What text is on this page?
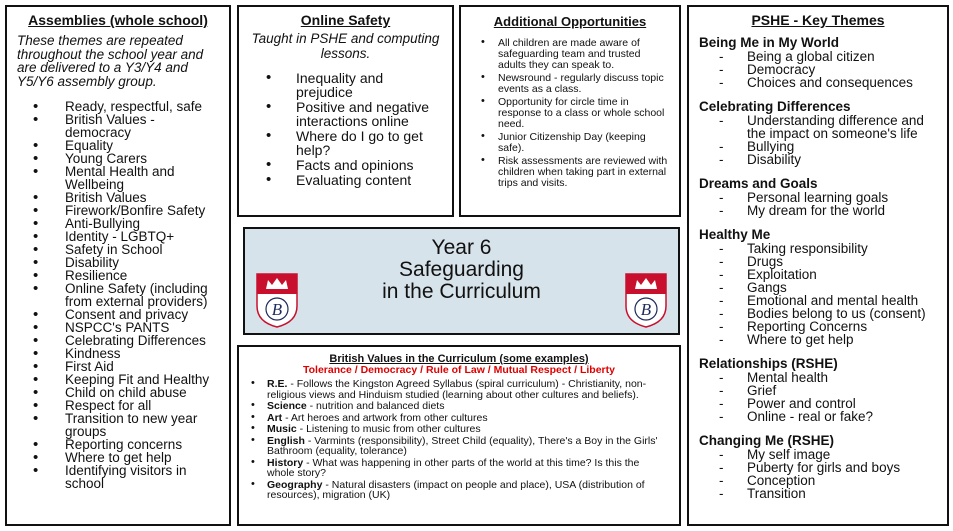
Assemblies (whole school)
These themes are repeated throughout the school year and are delivered to a Y3/Y4 and Y5/Y6 assembly group.
• Ready, respectful, safe
• British Values - democracy
• Equality
• Young Carers
• Mental Health and Wellbeing
• British Values
• Firework/Bonfire Safety
• Anti-Bullying
• Identity - LGBTQ+
• Safety in School
• Disability
• Resilience
• Online Safety (including from external providers)
• Consent and privacy
• NSPCC's PANTS
• Celebrating Differences
• Kindness
• First Aid
• Keeping Fit and Healthy
• Child on child abuse
• Respect for all
• Transition to new year groups
• Reporting concerns
• Where to get help
• Identifying visitors in school
Online Safety
Taught in PSHE and computing lessons.
• Inequality and prejudice
• Positive and negative interactions online
• Where do I go to get help?
• Facts and opinions
• Evaluating content
Additional Opportunities
• All children are made aware of safeguarding team and trusted adults they can speak to.
• Newsround - regularly discuss topic events as a class.
• Opportunity for circle time in response to a class or whole school need.
• Junior Citizenship Day (keeping safe).
• Risk assessments are reviewed with children when taking part in external trips and visits.
Year 6
Safeguarding
in the Curriculum
B	B
British Values in the Curriculum (some examples)
Tolerance / Democracy / Rule of Law / Mutual Respect / Liberty
• R.E. - Follows the Kingston Agreed Syllabus (spiral curriculum) - Christianity, non-religious views and Hinduism studied (learning about other cultures and beliefs).
• Science - nutrition and balanced diets
• Art - Art heroes and artwork from other cultures
• Music - Listening to music from other cultures
• English - Varmints (responsibility), Street Child (equality), There's a Boy in the Girls' Bathroom (equality, tolerance)
• History - What was happening in other parts of the world at this time? Is this the whole story?
• Geography - Natural disasters (impact on people and place), USA (distribution of resources), migration (UK)
PSHE - Key Themes
Being Me in My World
- Being a global citizen
- Democracy
- Choices and consequences
Celebrating Differences
- Understanding difference and the impact on someone's life
- Bullying
- Disability
Dreams and Goals
- Personal learning goals
- My dream for the world
Healthy Me
- Taking responsibility
- Drugs
- Exploitation
- Gangs
- Emotional and mental health
- Bodies belong to us (consent)
- Reporting Concerns
- Where to get help
Relationships (RSHE)
- Mental health
- Grief
- Power and control
- Online - real or fake?
Changing Me (RSHE)
- My self image
- Puberty for girls and boys
- Conception
- Transition
